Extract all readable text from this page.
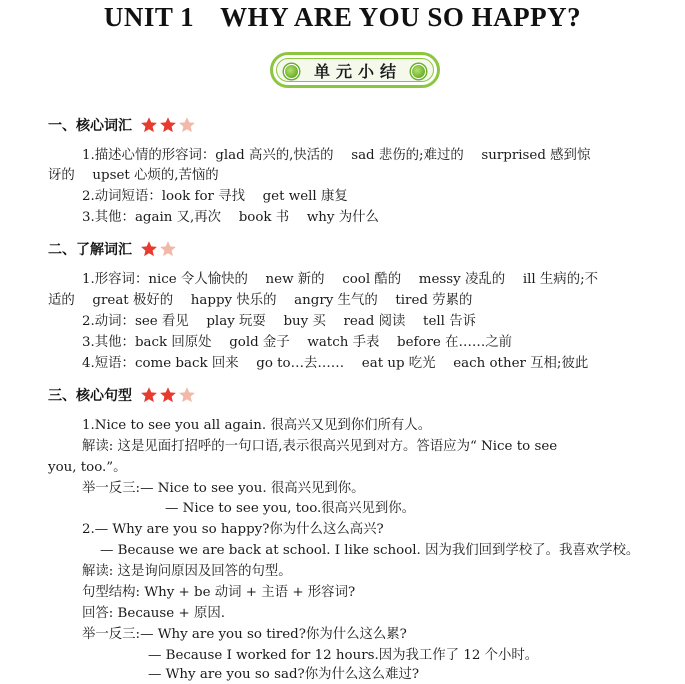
UNIT 1 WHY ARE YOU SO HAPPY?
单元小结
一、核心词汇
1.描述心情的形容词：glad 高兴的,快活的　 sad 悲伤的;难过的　 surprised 感到惊
讶的　 upset 心烦的,苦恼的
2.动词短语：look for 寻找　 get well 康复
3.其他：again 又,再次　 book 书　 why 为什么
二、了解词汇
1.形容词：nice 令人愉快的　 new 新的　 cool 酷的　 messy 凌乱的　 ill 生病的;不
适的　 great 极好的　 happy 快乐的　 angry 生气的　 tired 劳累的
2.动词：see 看见　 play 玩耍　 buy 买　 read 阅读　 tell 告诉
3.其他：back 回原处　 gold 金子　 watch 手表　 before 在……之前
4.短语：come back 回来　 go to…去……　 eat up 吃光　 each other 互相;彼此
三、核心句型
1.Nice to see you all again. 很高兴又见到你们所有人。
解读: 这是见面打招呼的一句口语,表示很高兴见到对方。答语应为“ Nice to see
you, too.”。
举一反三:— Nice to see you. 很高兴见到你。
— Nice to see you, too.很高兴见到你。
2.— Why are you so happy?你为什么这么高兴?
— Because we are back at school. I like school. 因为我们回到学校了。我喜欢学校。
解读: 这是询问原因及回答的句型。
句型结构: Why + be 动词 + 主语 + 形容词?
回答: Because + 原因.
举一反三:— Why are you so tired?你为什么这么累?
— Because I worked for 12 hours.因为我工作了 12 个小时。
— Why are you so sad?你为什么这么难过?
